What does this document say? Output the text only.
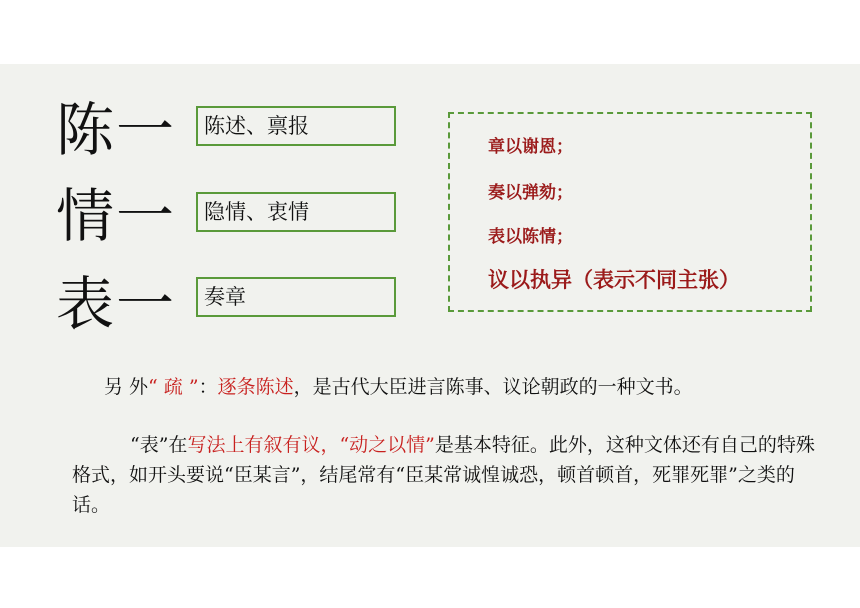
陈一	陈述、禀报
情一	隐情、衷情
表一	奏章
章以谢恩；
奏以弹劾；
表以陈情；
议以执异（表示不同主张）

另 外“ 疏 ”：逐条陈述，是古代大臣进言陈事、议论朝政的一种文书。

“表”在写法上有叙有议，“动之以情”是基本特征。此外，这种文体还有自己的特殊格式，如开头要说“臣某言”，结尾常有“臣某常诚惶诚恐，顿首顿首，死罪死罪”之类的话。
